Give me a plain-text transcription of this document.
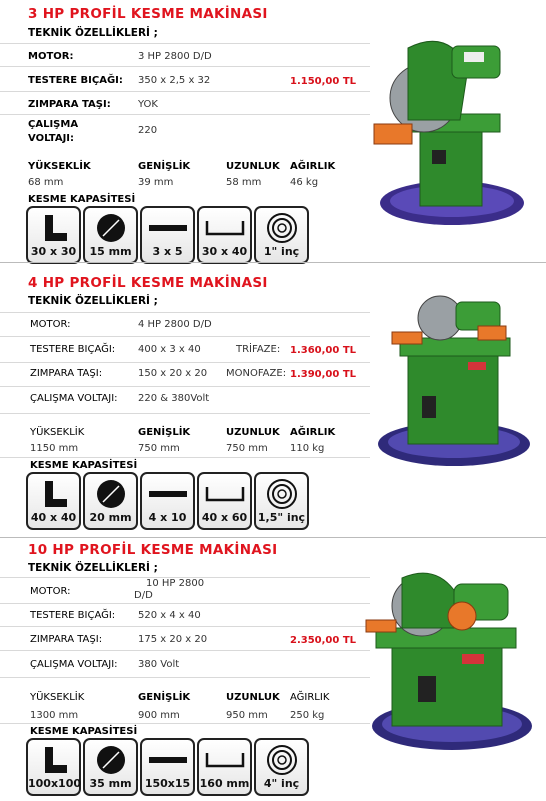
3 HP PROFİL KESME MAKİNASI
TEKNİK ÖZELLİKLERİ ;
MOTOR:	3 HP 2800 D/D
TESTERE BIÇAĞI: 350 x 2,5 x 32	1.150,00 TL
ZIMPARA TAŞI:	YOK
ÇALIŞMA VOLTAJI:
220
YÜKSEKLİK	GENİŞLİK	UZUNLUK AĞIRLIK
68 mm	39 mm	58 mm	46 kg
KESME KAPASİTESİ
30 x 30	15 mm	3 x 5	30 x 40	1" inç
4 HP PROFİL KESME MAKİNASI
TEKNİK ÖZELLİKLERİ ;
MOTOR:	4 HP 2800 D/D
TESTERE BIÇAĞI: 400 x 3 x 40	TRİFAZE: 1.360,00 TL
ZIMPARA TAŞI:	150 x 20 x 20 MONOFAZE: 1.390,00 TL
ÇALIŞMA VOLTAJI: 220 & 380Volt
YÜKSEKLİK	GENİŞLİK	UZUNLUK AĞIRLIK
1150 mm	750 mm	750 mm 110 kg
KESME KAPASİTESİ
40 x 40	20 mm	4 x 10	40 x 60 1,5" inç
10 HP PROFİL KESME MAKİNASI
TEKNİK ÖZELLİKLERİ ;
MOTOR:
10 HP 2800
D/D
TESTERE BIÇAĞI: 520 x 4 x 40
ZIMPARA TAŞI:	175 x 20 x 20	2.350,00 TL
ÇALIŞMA VOLTAJI: 380 Volt
YÜKSEKLİK	GENİŞLİK	UZUNLUK AĞIRLIK
1300 mm	900 mm	950 mm 250 kg
KESME KAPASİTESİ
100x100 35 mm	150x15 160 mm	4" inç
